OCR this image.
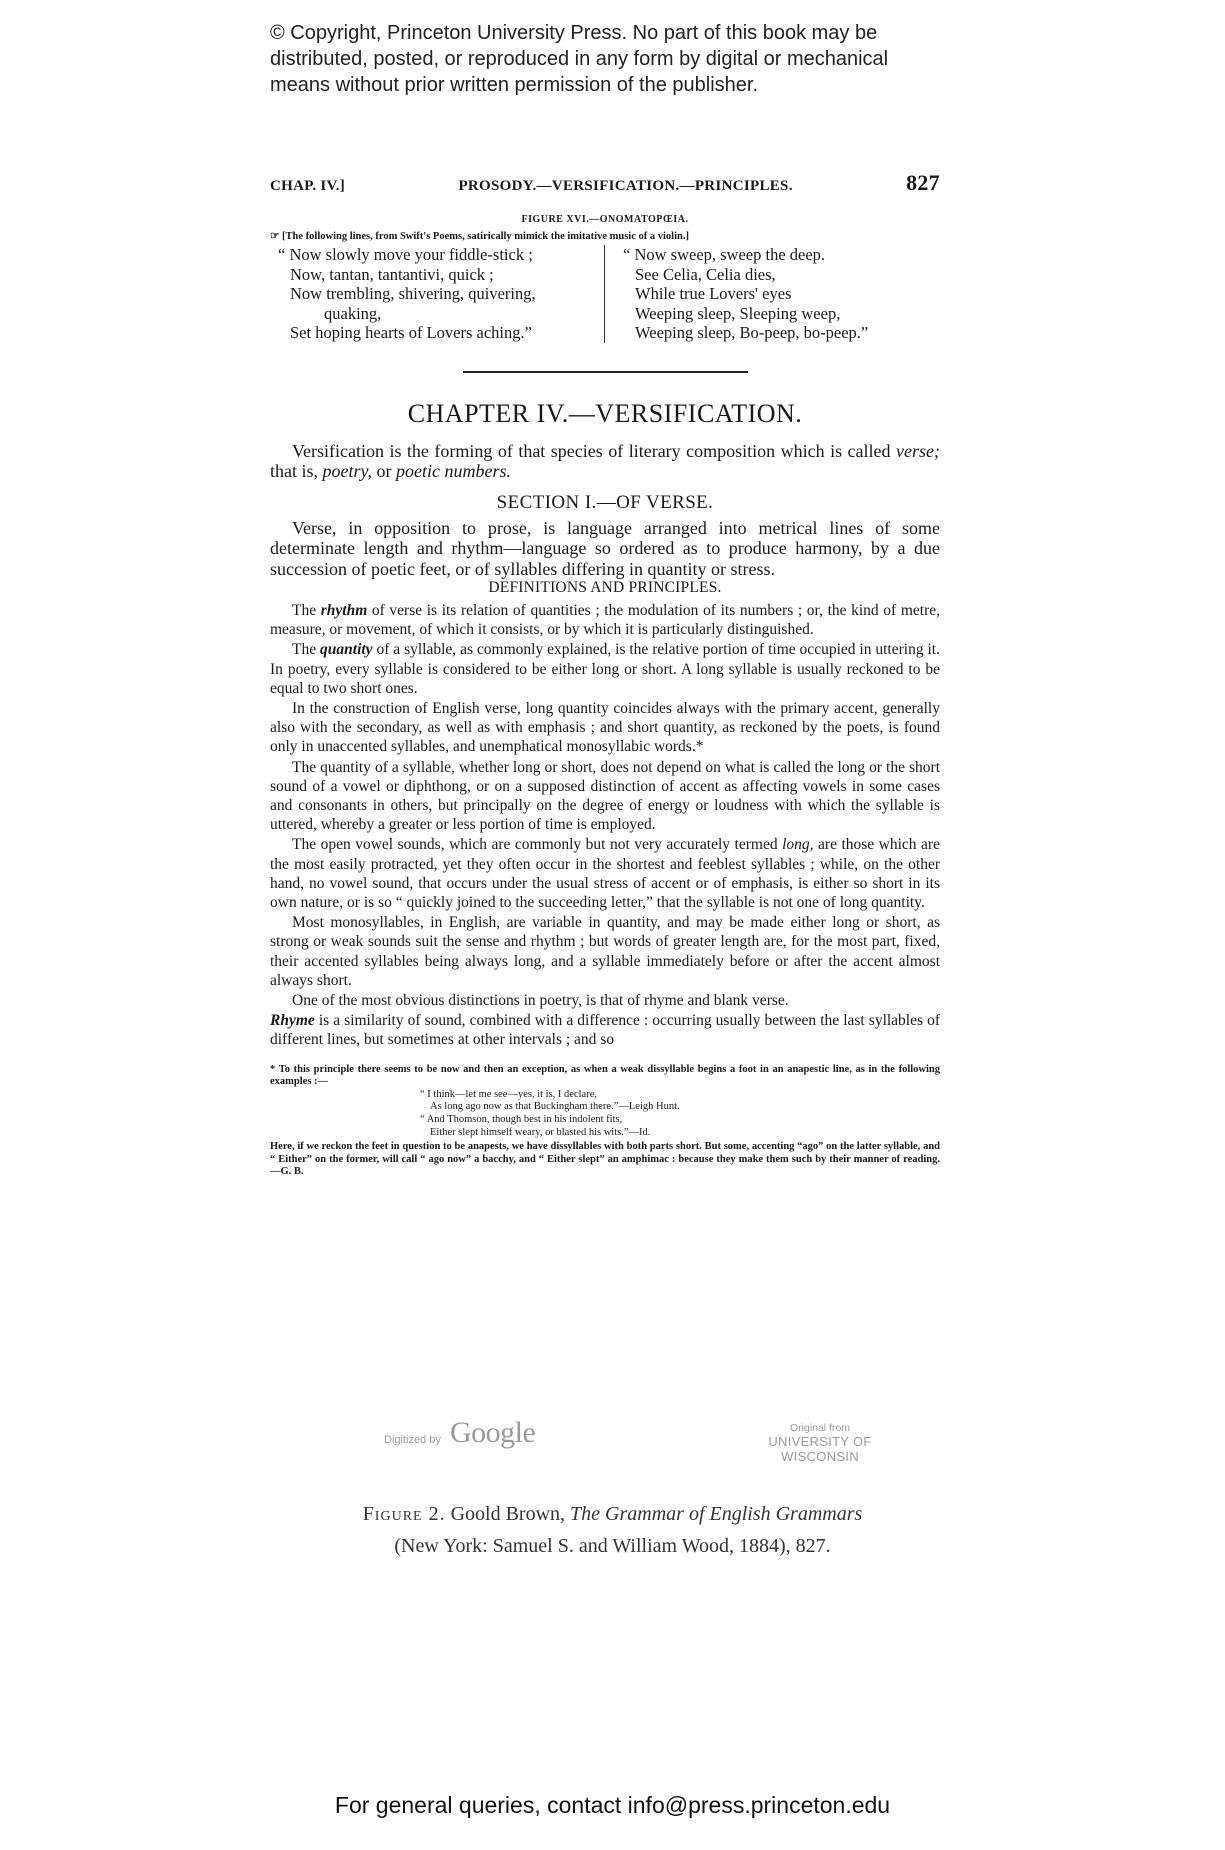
© Copyright, Princeton University Press. No part of this book may be
distributed, posted, or reproduced in any form by digital or mechanical
means without prior written permission of the publisher.
CHAP. IV.]	PROSODY.—VERSIFICATION.—PRINCIPLES.	827
FIGURE XVI.—ONOMATOPŒIA.
☞ [The following lines, from Swift's Poems, satirically mimick the imitative music of a violin.]
“ Now slowly move your fiddle-stick ;
Now, tantan, tantantivi, quick ;
Now trembling, shivering, quivering,
quaking,
Set hoping hearts of Lovers aching.”
“ Now sweep, sweep the deep.
See Celia, Celia dies,
While true Lovers' eyes
Weeping sleep, Sleeping weep,
Weeping sleep, Bo-peep, bo-peep.”
CHAPTER IV.—VERSIFICATION.
Versification is the forming of that species of literary composition which is called verse; that is, poetry, or poetic numbers.
SECTION I.—OF VERSE.
Verse, in opposition to prose, is language arranged into metrical lines of some determinate length and rhythm—language so ordered as to produce harmony, by a due succession of poetic feet, or of syllables differing in quantity or stress.
DEFINITIONS AND PRINCIPLES.
The rhythm of verse is its relation of quantities ; the modulation of its numbers ; or, the kind of metre, measure, or movement, of which it consists, or by which it is particularly distinguished.
The quantity of a syllable, as commonly explained, is the relative portion of time occupied in uttering it. In poetry, every syllable is considered to be either long or short. A long syllable is usually reckoned to be equal to two short ones.
In the construction of English verse, long quantity coincides always with the primary accent, generally also with the secondary, as well as with emphasis ; and short quantity, as reckoned by the poets, is found only in unaccented syllables, and unemphatical monosyllabic words.*
The quantity of a syllable, whether long or short, does not depend on what is called the long or the short sound of a vowel or diphthong, or on a supposed distinction of accent as affecting vowels in some cases and consonants in others, but principally on the degree of energy or loudness with which the syllable is uttered, whereby a greater or less portion of time is employed.
The open vowel sounds, which are commonly but not very accurately termed long, are those which are the most easily protracted, yet they often occur in the shortest and feeblest syllables ; while, on the other hand, no vowel sound, that occurs under the usual stress of accent or of emphasis, is either so short in its own nature, or is so “ quickly joined to the succeeding letter,” that the syllable is not one of long quantity.
Most monosyllables, in English, are variable in quantity, and may be made either long or short, as strong or weak sounds suit the sense and rhythm ; but words of greater length are, for the most part, fixed, their accented syllables being always long, and a syllable immediately before or after the accent almost always short.
One of the most obvious distinctions in poetry, is that of rhyme and blank verse.
Rhyme is a similarity of sound, combined with a difference : occurring usually between the last syllables of different lines, but sometimes at other intervals ; and so
* To this principle there seems to be now and then an exception, as when a weak dissyllable begins a foot in an anapestic line, as in the following examples :—
“ I think—let me see—yes, it is, I declare,
As long ago now as that Buckingham there.”—Leigh Hunt.
“ And Thomson, though best in his indolent fits,
Either slept himself weary, or blasted his wits.”—Id.
Here, if we reckon the feet in question to be anapests, we have dissyllables with both parts short. But some, accenting “ago” on the latter syllable, and “ Either” on the former, will call “ ago now” a bacchy, and “ Either slept” an amphimac : because they make them such by their manner of reading.—G. B.
Digitized by Google	Original from
UNIVERSITY OF WISCONSIN
Figure 2. Goold Brown, The Grammar of English Grammars
(New York: Samuel S. and William Wood, 1884), 827.
For general queries, contact info@press.princeton.edu
